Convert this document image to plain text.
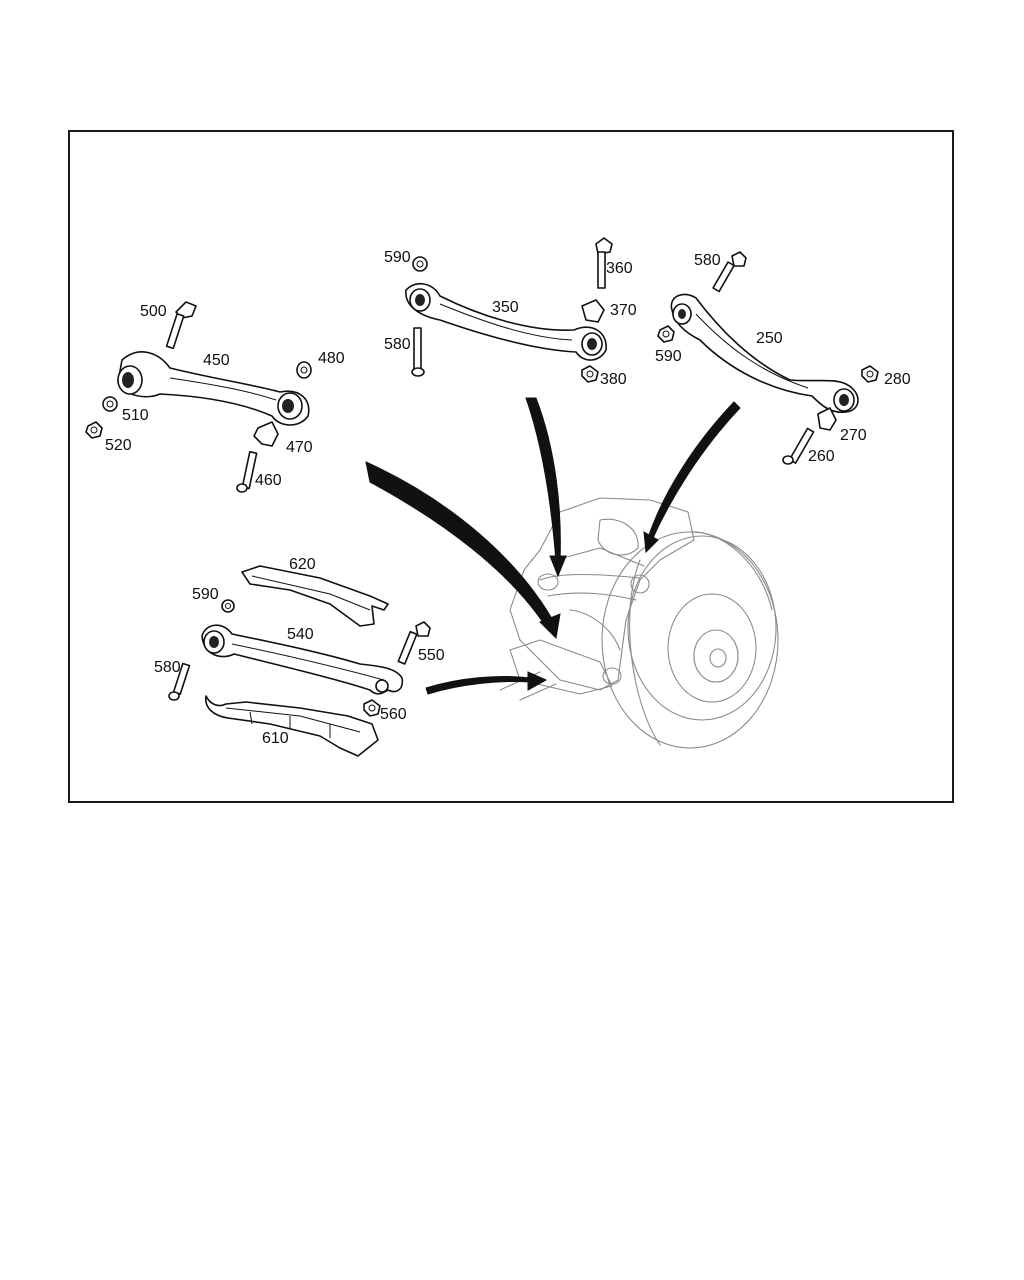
500
450	480
510
520	470
460
590
360
350	370
580
380
580
590
250
280
270
260
620
590
540
550
580
560
610
